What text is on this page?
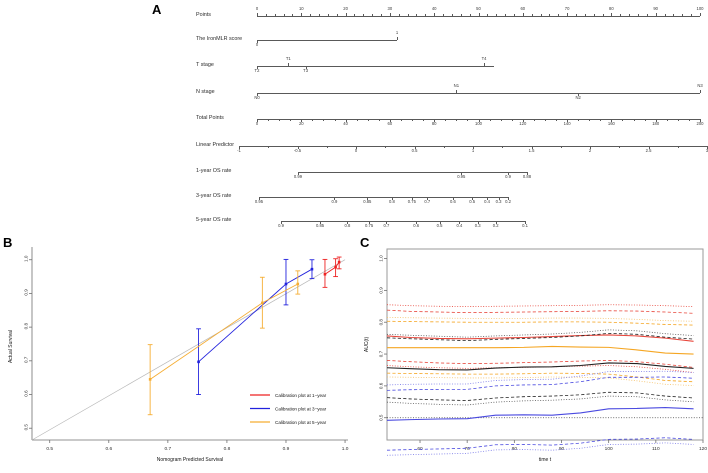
A	Points
0	10	20	30	40	50	60	70	80	90	100
The IronMLR score
0
1
T stage
T2
T1
T3
T4
N stage
N0
N1
N2
N3
Total Points
0	20	40	60	80	100	120	140	160	180	200
Linear Predictor
-1	-0.5	0	0.5	1	1.5	2	2.5	3
1-year OS rate
0.99	0.95	0.9	0.88
3-year OS rate
0.95	0.9	0.85	0.8	0.75 0.7	0.6	0.5 0.4 0.3 0.2
5-year OS rate
0.9	0.85	0.8	0.75 0.7	0.6	0.5	0.4	0.3	0.2	0.1
B
0.5
0.6
0.7
0.8
0.9
1.0
0.5	0.6	0.7	0.8	0.9	1.0
Nomogram Predicted Survival
Actual Survival
Calibration plot at 1−year
Calibration plot at 3−year
Calibration plot at 5−year
C
0.5
0.6
0.7
0.8
0.9
1.0
60	70	80	90	100	110	120
time t
AUC(t)
